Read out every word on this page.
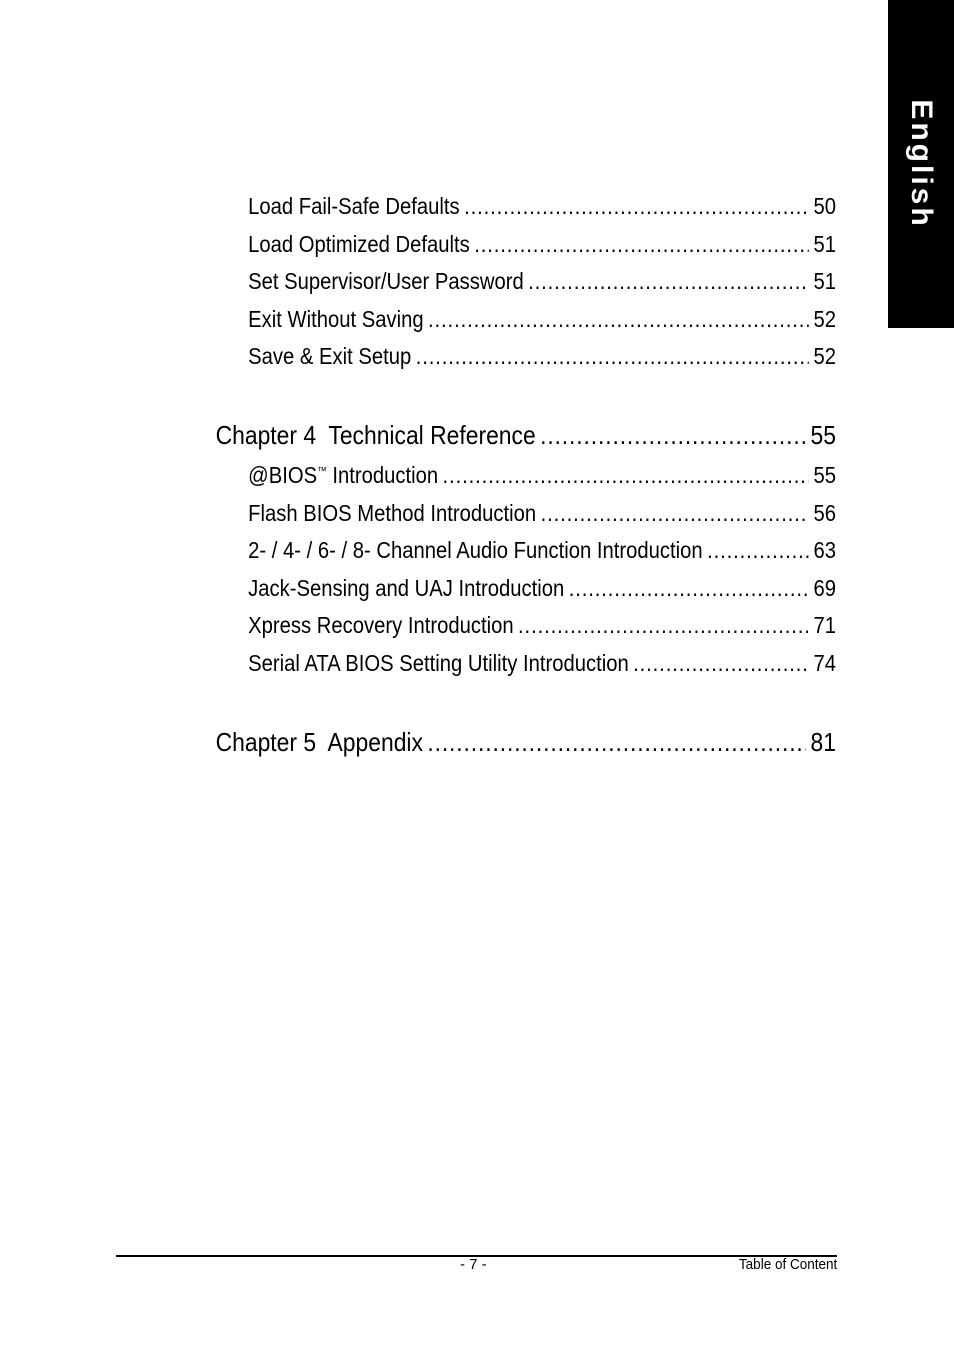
English
Load Fail-Safe Defaults .....	50
Load Optimized Defaults .....	51
Set Supervisor/User Password .....	51
Exit Without Saving .....	52
Save & Exit Setup .....	52
Chapter 4  Technical Reference .....	55
@BIOS™ Introduction .....	55
Flash BIOS Method Introduction .....	56
2- / 4- / 6- / 8- Channel Audio Function Introduction .....	63
Jack-Sensing and UAJ Introduction .....	69
Xpress Recovery Introduction .....	71
Serial ATA BIOS Setting Utility Introduction .....	74
Chapter 5  Appendix .....	81
- 7 -	Table of Content
